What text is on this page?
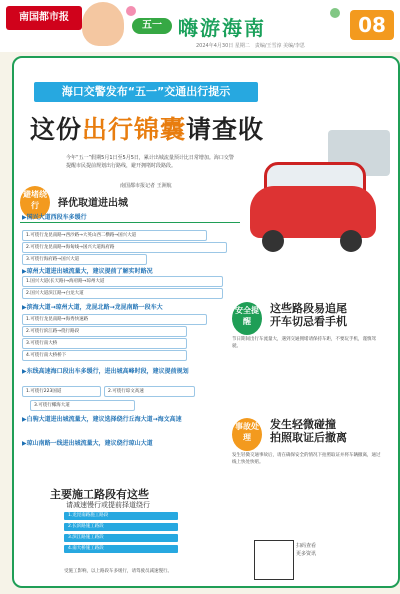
南国都市报
五一 嗨游海南	08
2024年4月30日 星期二　责编/王雪淳 美编/李思
海口交警发布“五一”交通出行提示
这份出行锦囊请查收
今年“五一”假期5月1日至5月5日，累计出城流量预计比日常增加。海口交警提醒市民提前规划出行路线，避开拥堵时段路段。
南国都市报记者 王洲航
避堵绕行	择优取道进出城
▶国兴大道西段车多缓行
1.可绕行龙昆南路→西沙路→大英山西二横路→国兴大道
2.可绕行龙昆南路→海甸线→国兴大道海府路
3.可绕行海府路→国兴大道
▶琼州大道进出城流量大，建议提前了解实时路况
1.国兴大道(长天路)→海府路→琼州大道
2.国兴大道滨江路→白龙大道
▶滨海大道→琼州大道，龙昆北路→龙昆南路一段车大
1.可绕行龙昆南路→海秀快速路
2.可绕行滨江路→绕行路段
3.可绕行南大桥
4.可绕行南大桥桥下
▶东线高速海口段出车多缓行，进出城高峰时段，建议提前规划
1.可绕行223国道	2.可绕行琼文高速
3.可绕行椰海大道
▶白驹大道进出城流量大，建议选择绕行丘海大道→海文高速
▶琼山南路一线进出城流量大，建议绕行琼山大道
安全提醒
这些路段易追尾
开车切忌看手机
节日期间出行车流量大，遇到交通拥堵请保持车距，不要玩手机，谨慎驾驶。
事故处理
发生轻微碰撞
拍照取证后撤离
发生轻微交通事故后，请在确保安全的情况下拍照取证并将车辆撤离，通过线上快处快赔。
主要施工路段有这些
请减速慢行或提前择道绕行
1.龙昆南路施工路段
2.长滨路施工路段
3.滨江路施工路段
4.南大桥施工路段
受施工影响，以上路段车多缓行，请驾驶员减速慢行。
扫码查看
更多资讯
